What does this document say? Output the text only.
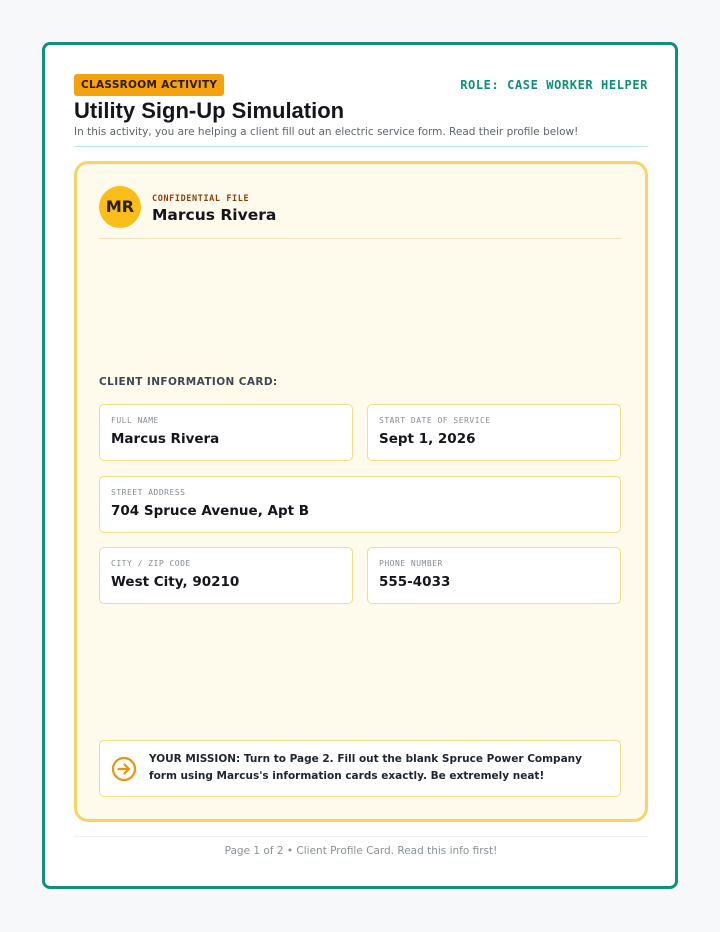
CLASSROOM ACTIVITY	ROLE: CASE WORKER HELPER
Utility Sign-Up Simulation
In this activity, you are helping a client fill out an electric service form. Read their profile below!
MR	CONFIDENTIAL FILE
Marcus Rivera
CLIENT INFORMATION CARD:
FULL NAME
Marcus Rivera
START DATE OF SERVICE
Sept 1, 2026
STREET ADDRESS
704 Spruce Avenue, Apt B
CITY / ZIP CODE
West City, 90210
PHONE NUMBER
555-4033
YOUR MISSION: Turn to Page 2. Fill out the blank Spruce Power Company form using Marcus's information cards exactly. Be extremely neat!
Page 1 of 2 • Client Profile Card. Read this info first!
